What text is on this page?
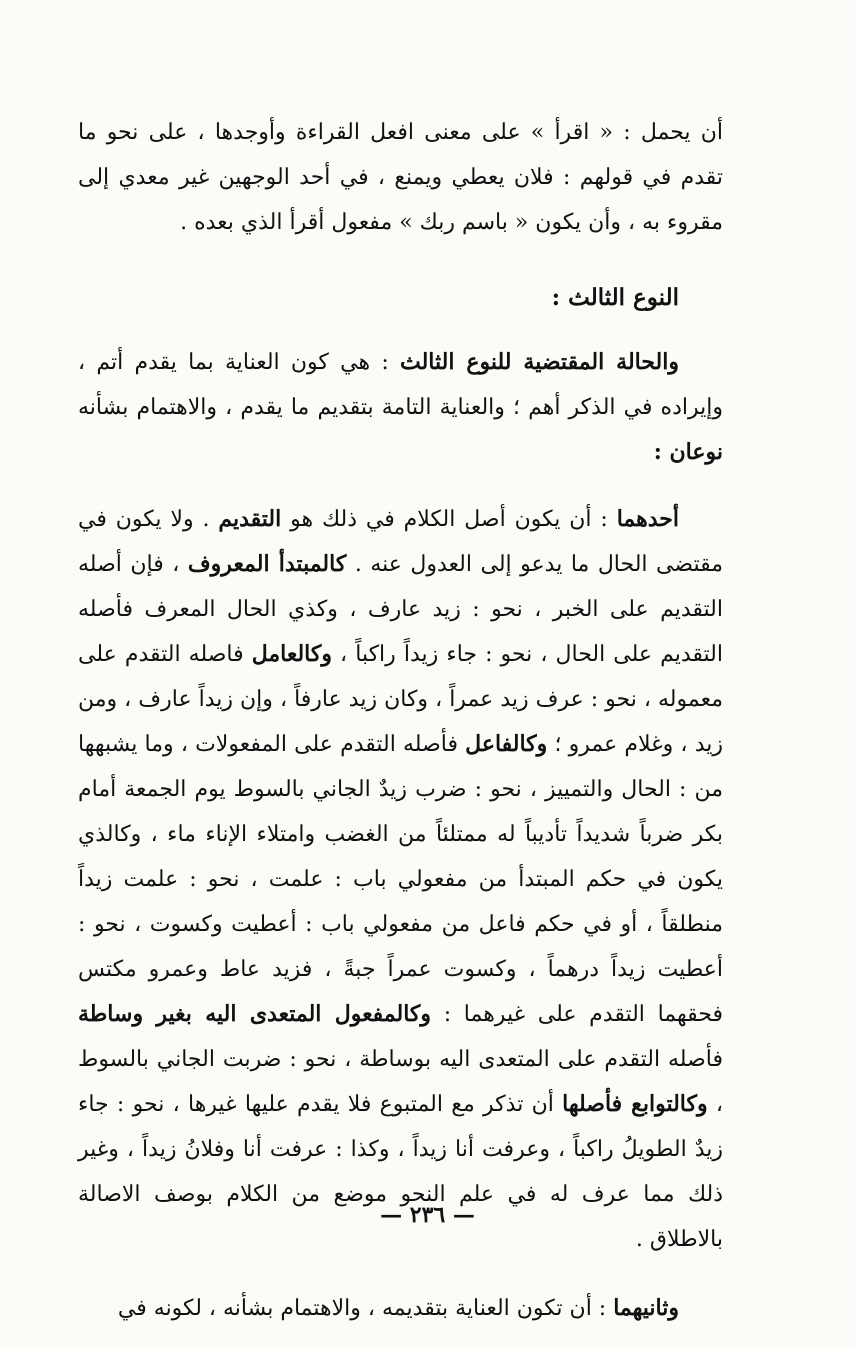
أن يحمل : « اقرأ » على معنى افعل القراءة وأوجدها ، على نحو ما تقدم في قولهم : فلان يعطي ويمنع ، في أحد الوجهين غير معدي إلى مقروء به ، وأن يكون « باسم ربك » مفعول أقرأ الذي بعده .

النوع الثالث :

والحالة المقتضية للنوع الثالث : هي كون العناية بما يقدم أتم ، وإيراده في الذكر أهم ؛ والعناية التامة بتقديم ما يقدم ، والاهتمام بشأنه نوعان :

أحدهما : أن يكون أصل الكلام في ذلك هو التقديم . ولا يكون في مقتضى الحال ما يدعو إلى العدول عنه . كالمبتدأ المعروف ، فإن أصله التقديم على الخبر ، نحو : زيد عارف ، وكذي الحال المعرف فأصله التقديم على الحال ، نحو : جاء زيداً راكباً ، وكالعامل فاصله التقدم على معموله ، نحو : عرف زيد عمراً ، وكان زيد عارفاً ، وإن زيداً عارف ، ومن زيد ، وغلام عمرو ؛ وكالفاعل فأصله التقدم على المفعولات ، وما يشبهها من : الحال والتمييز ، نحو : ضرب زيدٌ الجاني بالسوط يوم الجمعة أمام بكر ضرباً شديداً تأديباً له ممتلئاً من الغضب وامتلاء الإناء ماء ، وكالذي يكون في حكم المبتدأ من مفعولي باب : علمت ، نحو : علمت زيداً منطلقاً ، أو في حكم فاعل من مفعولي باب : أعطيت وكسوت ، نحو : أعطيت زيداً درهماً ، وكسوت عمراً جبةً ، فزيد عاط وعمرو مكتس فحقهما التقدم على غيرهما : وكالمفعول المتعدى اليه بغير وساطة فأصله التقدم على المتعدى اليه بوساطة ، نحو : ضربت الجاني بالسوط ، وكالتوابع فأصلها أن تذكر مع المتبوع فلا يقدم عليها غيرها ، نحو : جاء زيدٌ الطويلُ راكباً ، وعرفت أنا زيداً ، وكذا : عرفت أنا وفلانُ زيداً ، وغير ذلك مما عرف له في علم النحو موضع من الكلام بوصف الاصالة بالاطلاق .

وثانيهما : أن تكون العناية بتقديمه ، والاهتمام بشأنه ، لكونه في

— ٢٣٦ —
